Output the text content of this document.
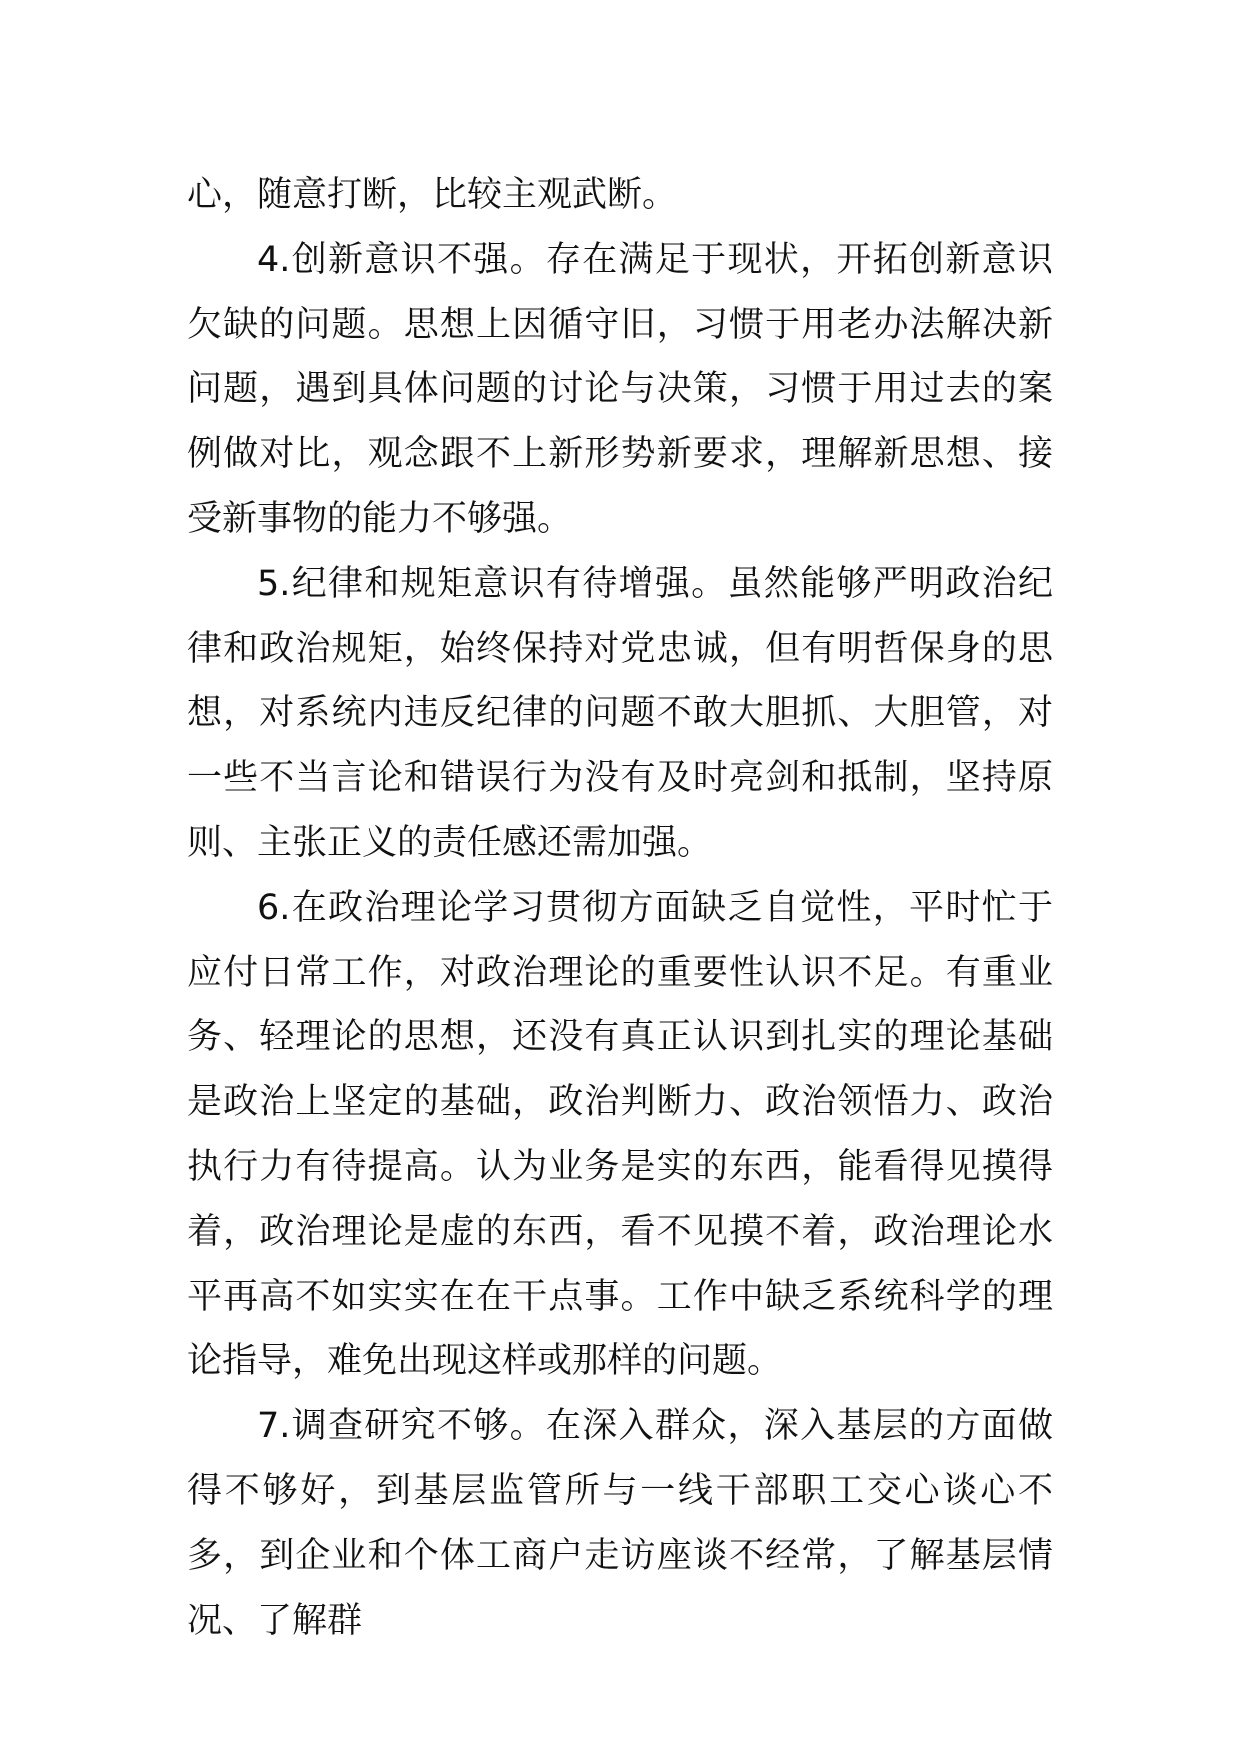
心，随意打断，比较主观武断。

4.创新意识不强。存在满足于现状，开拓创新意识欠缺的问题。思想上因循守旧，习惯于用老办法解决新问题，遇到具体问题的讨论与决策，习惯于用过去的案例做对比，观念跟不上新形势新要求，理解新思想、接受新事物的能力不够强。

5.纪律和规矩意识有待增强。虽然能够严明政治纪律和政治规矩，始终保持对党忠诚，但有明哲保身的思想，对系统内违反纪律的问题不敢大胆抓、大胆管，对一些不当言论和错误行为没有及时亮剑和抵制，坚持原则、主张正义的责任感还需加强。

6.在政治理论学习贯彻方面缺乏自觉性，平时忙于应付日常工作，对政治理论的重要性认识不足。有重业务、轻理论的思想，还没有真正认识到扎实的理论基础是政治上坚定的基础，政治判断力、政治领悟力、政治执行力有待提高。认为业务是实的东西，能看得见摸得着，政治理论是虚的东西，看不见摸不着，政治理论水平再高不如实实在在干点事。工作中缺乏系统科学的理论指导，难免出现这样或那样的问题。

7.调查研究不够。在深入群众，深入基层的方面做得不够好，到基层监管所与一线干部职工交心谈心不多，到企业和个体工商户走访座谈不经常，了解基层情况、了解群
